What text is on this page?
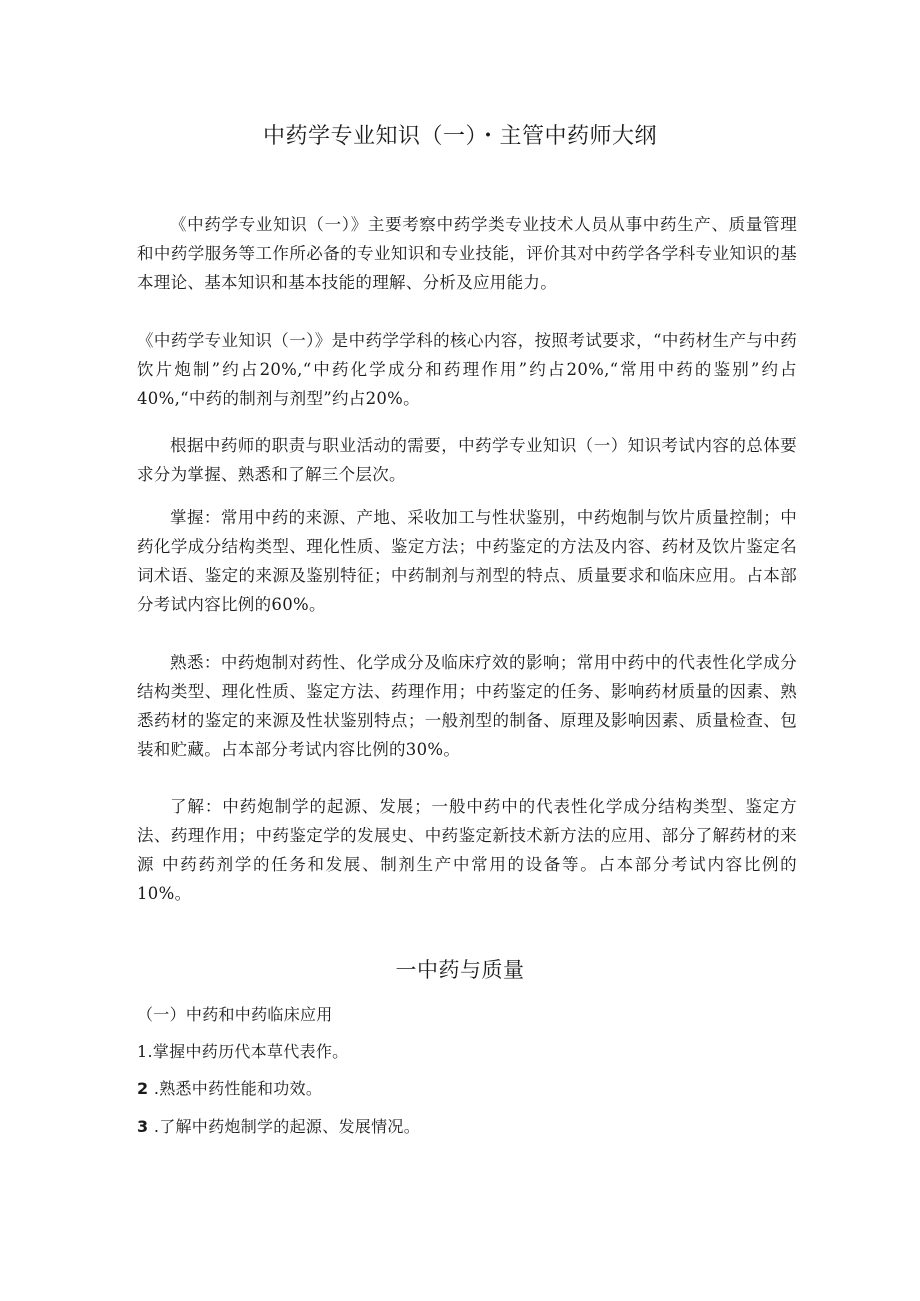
中药学专业知识（一）・主管中药师大纲

《中药学专业知识（一）》主要考察中药学类专业技术人员从事中药生产、质量管理和中药学服务等工作所必备的专业知识和专业技能，评价其对中药学各学科专业知识的基本理论、基本知识和基本技能的理解、分析及应用能力。

《中药学专业知识（一）》是中药学学科的核心内容，按照考试要求，“中药材生产与中药饮片炮制”约占20%,“中药化学成分和药理作用”约占20%,“常用中药的鉴别”约占40%,“中药的制剂与剂型”约占20%。

根据中药师的职责与职业活动的需要，中药学专业知识（一）知识考试内容的总体要求分为掌握、熟悉和了解三个层次。

掌握：常用中药的来源、产地、采收加工与性状鉴别，中药炮制与饮片质量控制；中药化学成分结构类型、理化性质、鉴定方法；中药鉴定的方法及内容、药材及饮片鉴定名词术语、鉴定的来源及鉴别特征；中药制剂与剂型的特点、质量要求和临床应用。占本部分考试内容比例的60%。

熟悉：中药炮制对药性、化学成分及临床疗效的影响；常用中药中的代表性化学成分结构类型、理化性质、鉴定方法、药理作用；中药鉴定的任务、影响药材质量的因素、熟悉药材的鉴定的来源及性状鉴别特点；一般剂型的制备、原理及影响因素、质量检查、包装和贮藏。占本部分考试内容比例的30%。

了解：中药炮制学的起源、发展；一般中药中的代表性化学成分结构类型、鉴定方法、药理作用；中药鉴定学的发展史、中药鉴定新技术新方法的应用、部分了解药材的来源 中药药剂学的任务和发展、制剂生产中常用的设备等。占本部分考试内容比例的10%。

一中药与质量
（一）中药和中药临床应用
1.掌握中药历代本草代表作。
2 .熟悉中药性能和功效。
3 .了解中药炮制学的起源、发展情况。
